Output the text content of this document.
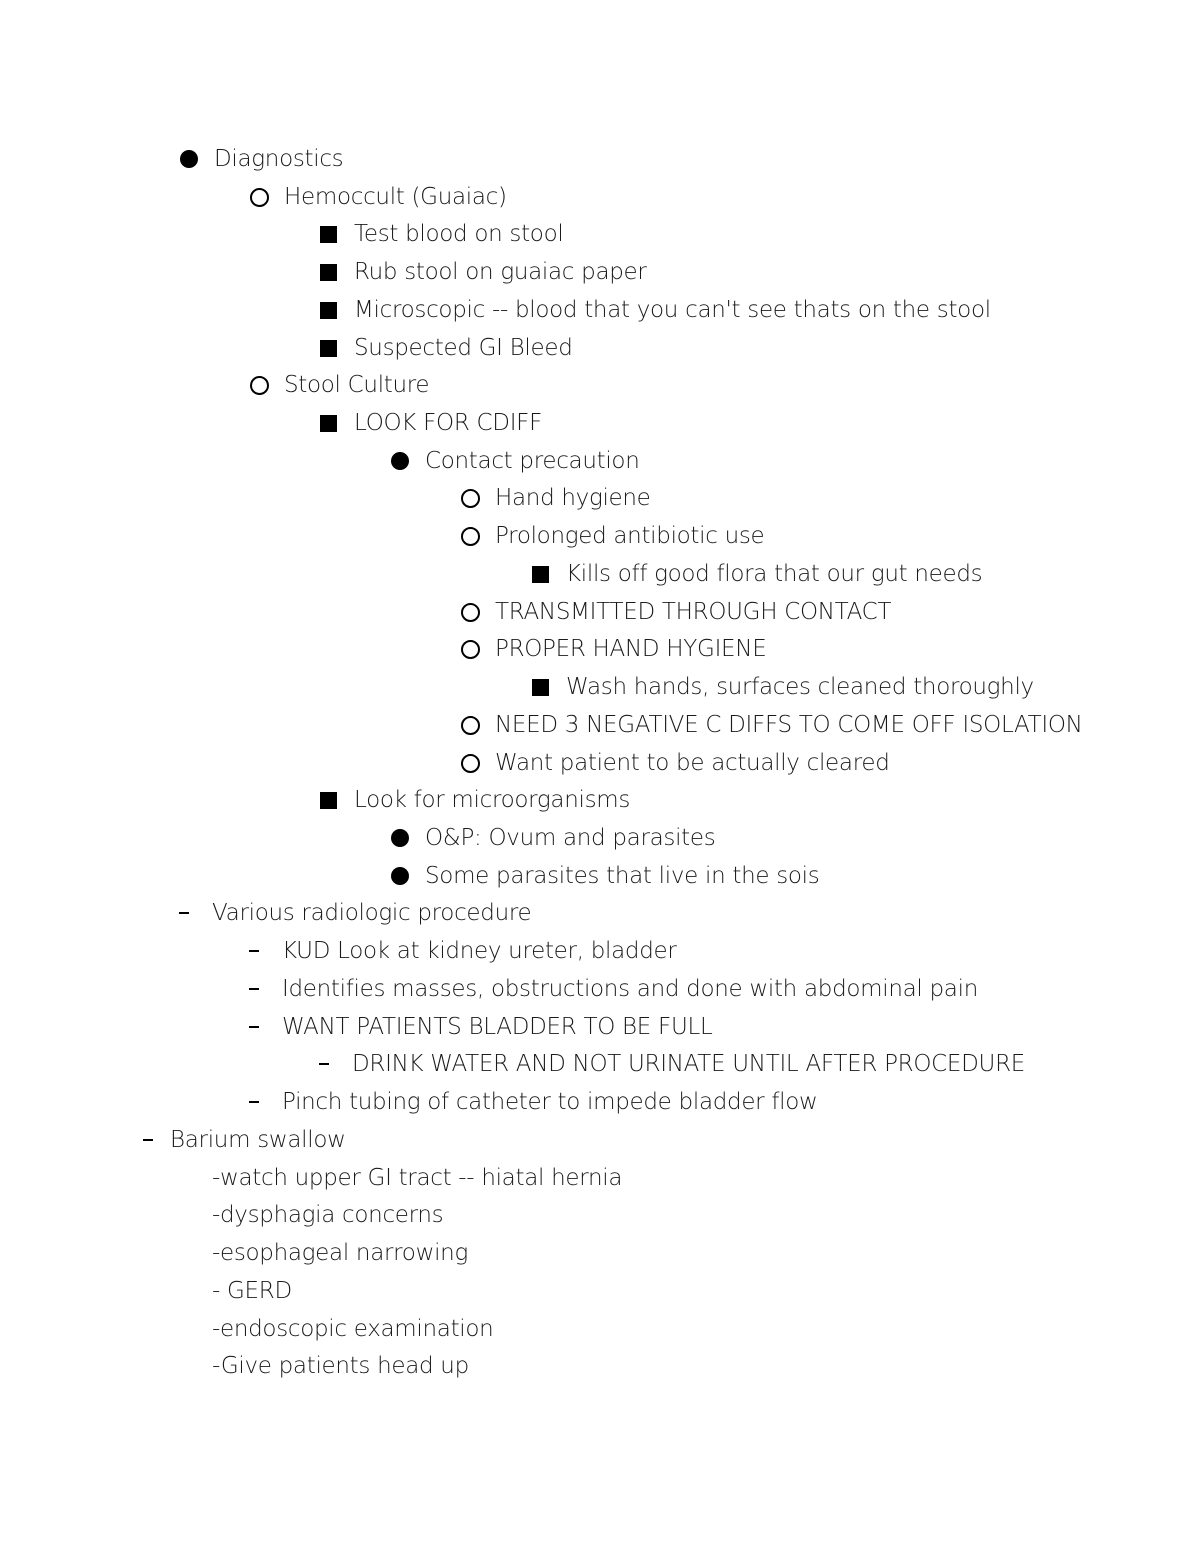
Diagnostics
Hemoccult (Guaiac)
Test blood on stool
Rub stool on guaiac paper
Microscopic -- blood that you can't see thats on the stool
Suspected GI Bleed
Stool Culture
LOOK FOR CDIFF
Contact precaution
Hand hygiene
Prolonged antibiotic use
Kills off good flora that our gut needs
TRANSMITTED THROUGH CONTACT
PROPER HAND HYGIENE
Wash hands, surfaces cleaned thoroughly
NEED 3 NEGATIVE C DIFFS TO COME OFF ISOLATION
Want patient to be actually cleared
Look for microorganisms
O&P: Ovum and parasites
Some parasites that live in the sois
Various radiologic procedure
KUD Look at kidney ureter, bladder
Identifies masses, obstructions and done with abdominal pain
WANT PATIENTS BLADDER TO BE FULL
DRINK WATER AND NOT URINATE UNTIL AFTER PROCEDURE
Pinch tubing of catheter to impede bladder flow
Barium swallow
-watch upper GI tract -- hiatal hernia
-dysphagia concerns
-esophageal narrowing
- GERD
-endoscopic examination
-Give patients head up
